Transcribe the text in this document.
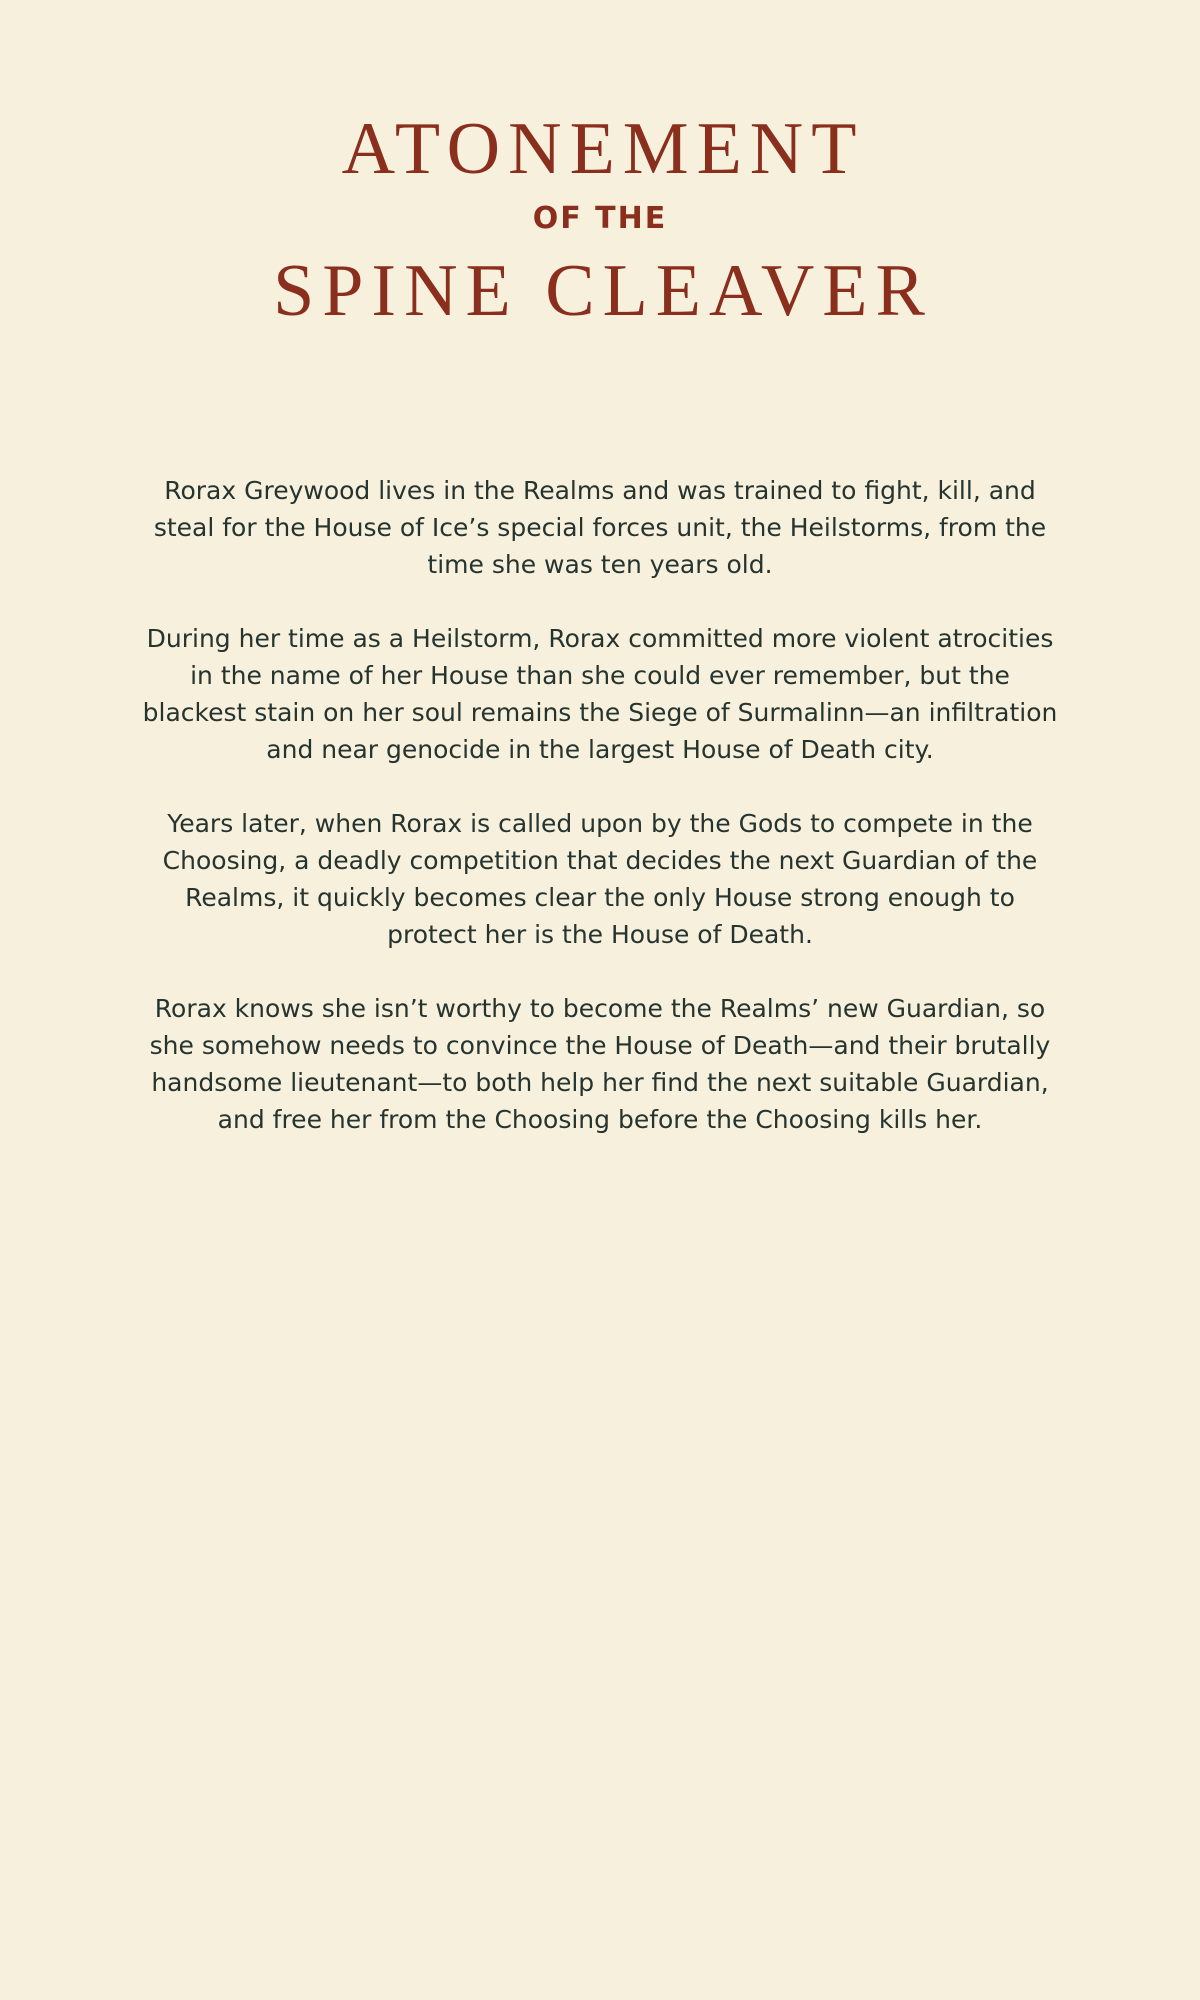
ATONEMENT
OF THE
SPINE CLEAVER

Rorax Greywood lives in the Realms and was trained to fight, kill, and steal for the House of Ice’s special forces unit, the Heilstorms, from the time she was ten years old.

During her time as a Heilstorm, Rorax committed more violent atrocities in the name of her House than she could ever remember, but the blackest stain on her soul remains the Siege of Surmalinn—an infiltration and near genocide in the largest House of Death city.

Years later, when Rorax is called upon by the Gods to compete in the Choosing, a deadly competition that decides the next Guardian of the Realms, it quickly becomes clear the only House strong enough to protect her is the House of Death.

Rorax knows she isn’t worthy to become the Realms’ new Guardian, so she somehow needs to convince the House of Death—and their brutally handsome lieutenant—to both help her find the next suitable Guardian, and free her from the Choosing before the Choosing kills her.
